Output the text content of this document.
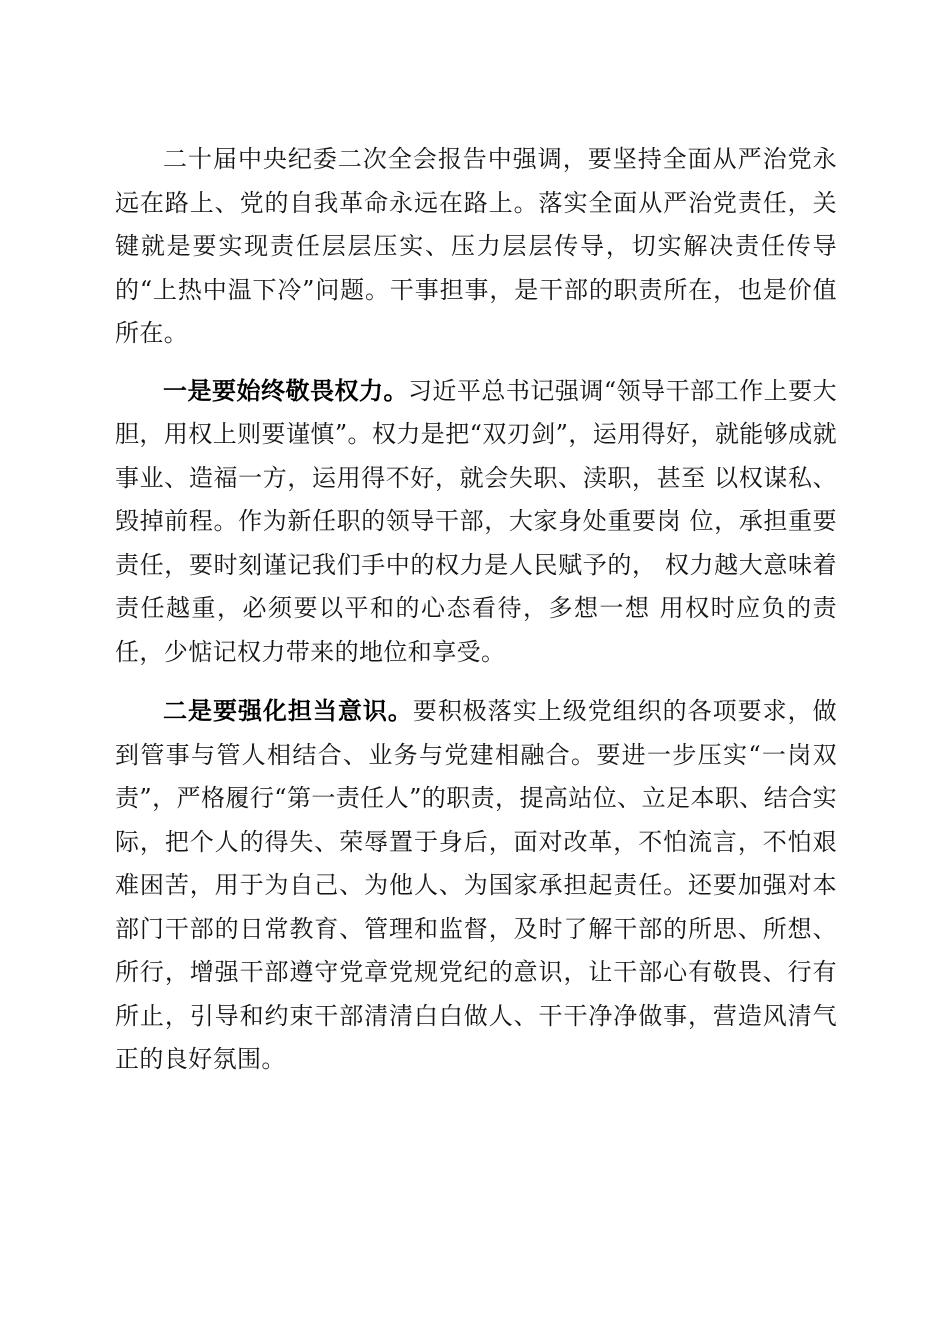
二十届中央纪委二次全会报告中强调，要坚持全面从严治党永远在路上、党的自我革命永远在路上。落实全面从严治党责任，关键就是要实现责任层层压实、压力层层传导，切实解决责任传导的“上热中温下冷”问题。干事担事，是干部的职责所在，也是价值所在。

一是要始终敬畏权力。习近平总书记强调“领导干部工作上要大胆，用权上则要谨慎”。权力是把“双刃剑”，运用得好，就能够成就事业、造福一方，运用得不好，就会失职、渎职，甚至 以权谋私、毁掉前程。作为新任职的领导干部，大家身处重要岗 位，承担重要责任，要时刻谨记我们手中的权力是人民赋予的， 权力越大意味着责任越重，必须要以平和的心态看待，多想一想 用权时应负的责任，少惦记权力带来的地位和享受。

二是要强化担当意识。要积极落实上级党组织的各项要求，做到管事与管人相结合、业务与党建相融合。要进一步压实“一岗双责”，严格履行“第一责任人”的职责，提高站位、立足本职、结合实际，把个人的得失、荣辱置于身后，面对改革，不怕流言，不怕艰难困苦，用于为自己、为他人、为国家承担起责任。还要加强对本部门干部的日常教育、管理和监督，及时了解干部的所思、所想、所行，增强干部遵守党章党规党纪的意识，让干部心有敬畏、行有所止，引导和约束干部清清白白做人、干干净净做事，营造风清气正的良好氛围。
